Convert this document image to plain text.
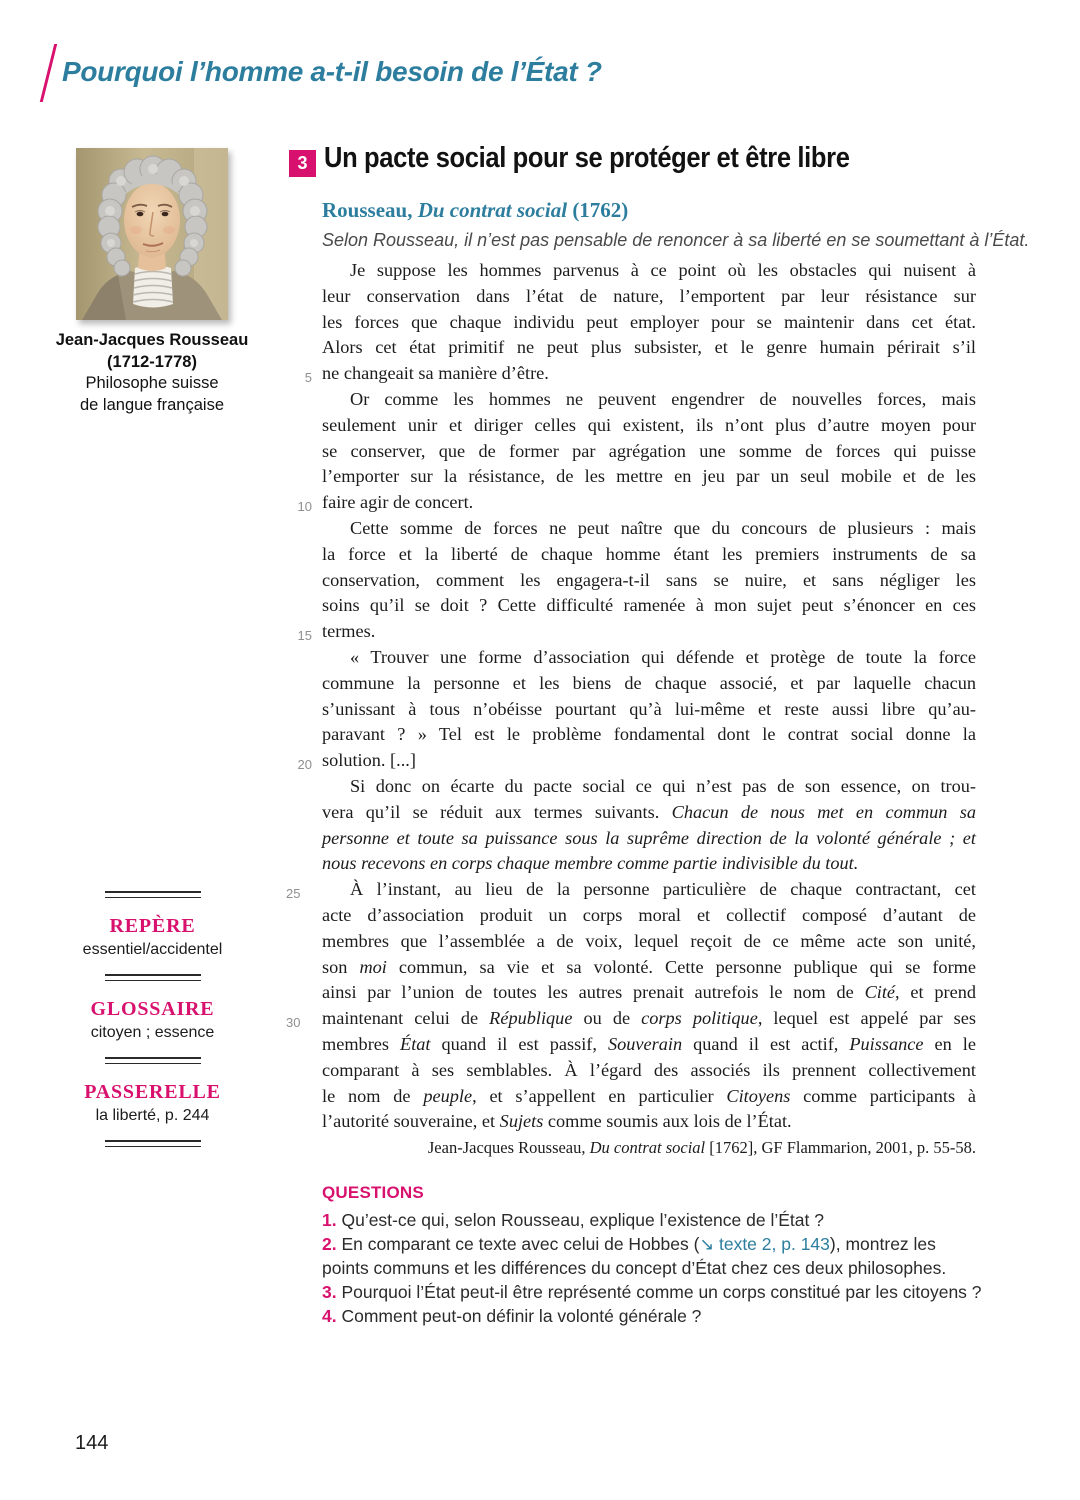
Pourquoi l’homme a-t-il besoin de l’État ?
Jean-Jacques Rousseau
(1712-1778)
Philosophe suisse
de langue française
REPÈRE
essentiel/accidentel
GLOSSAIRE
citoyen ; essence
PASSERELLE
la liberté, p. 244
3 Un pacte social pour se protéger et être libre
Rousseau, Du contrat social (1762)
Selon Rousseau, il n’est pas pensable de renoncer à sa liberté en se soumettant à l’État.
Je suppose les hommes parvenus à ce point où les obstacles qui nuisent à
leur conservation dans l’état de nature, l’emportent par leur résistance sur
les forces que chaque individu peut employer pour se maintenir dans cet état.
Alors cet état primitif ne peut plus subsister, et le genre humain périrait s’il
5 ne changeait sa manière d’être.
Or comme les hommes ne peuvent engendrer de nouvelles forces, mais
seulement unir et diriger celles qui existent, ils n’ont plus d’autre moyen pour
se conserver, que de former par agrégation une somme de forces qui puisse
l’emporter sur la résistance, de les mettre en jeu par un seul mobile et de les
10 faire agir de concert.
Cette somme de forces ne peut naître que du concours de plusieurs : mais
la force et la liberté de chaque homme étant les premiers instruments de sa
conservation, comment les engagera-t-il sans se nuire, et sans négliger les
soins qu’il se doit ? Cette difficulté ramenée à mon sujet peut s’énoncer en ces
15 termes.
« Trouver une forme d’association qui défende et protège de toute la force
commune la personne et les biens de chaque associé, et par laquelle chacun
s’unissant à tous n’obéisse pourtant qu’à lui-même et reste aussi libre qu’au-
paravant ? » Tel est le problème fondamental dont le contrat social donne la
20 solution. [...]
Si donc on écarte du pacte social ce qui n’est pas de son essence, on trou-
vera qu’il se réduit aux termes suivants. Chacun de nous met en commun sa
personne et toute sa puissance sous la suprême direction de la volonté générale ; et
nous recevons en corps chaque membre comme partie indivisible du tout.
25	À l’instant, au lieu de la personne particulière de chaque contractant, cet
acte d’association produit un corps moral et collectif composé d’autant de
membres que l’assemblée a de voix, lequel reçoit de ce même acte son unité,
son moi commun, sa vie et sa volonté. Cette personne publique qui se forme
ainsi par l’union de toutes les autres prenait autrefois le nom de Cité, et prend
30	maintenant celui de République ou de corps politique, lequel est appelé par ses
membres État quand il est passif, Souverain quand il est actif, Puissance en le
comparant à ses semblables. À l’égard des associés ils prennent collectivement
le nom de peuple, et s’appellent en particulier Citoyens comme participants à
l’autorité souveraine, et Sujets comme soumis aux lois de l’État.
Jean-Jacques Rousseau, Du contrat social [1762], GF Flammarion, 2001, p. 55-58.
QUESTIONS
1. Qu’est-ce qui, selon Rousseau, explique l’existence de l’État ?
2. En comparant ce texte avec celui de Hobbes (↘ texte 2, p. 143), montrez les points communs et les différences du concept d’État chez ces deux philosophes.
3. Pourquoi l’État peut-il être représenté comme un corps constitué par les citoyens ?
4. Comment peut-on définir la volonté générale ?
144
